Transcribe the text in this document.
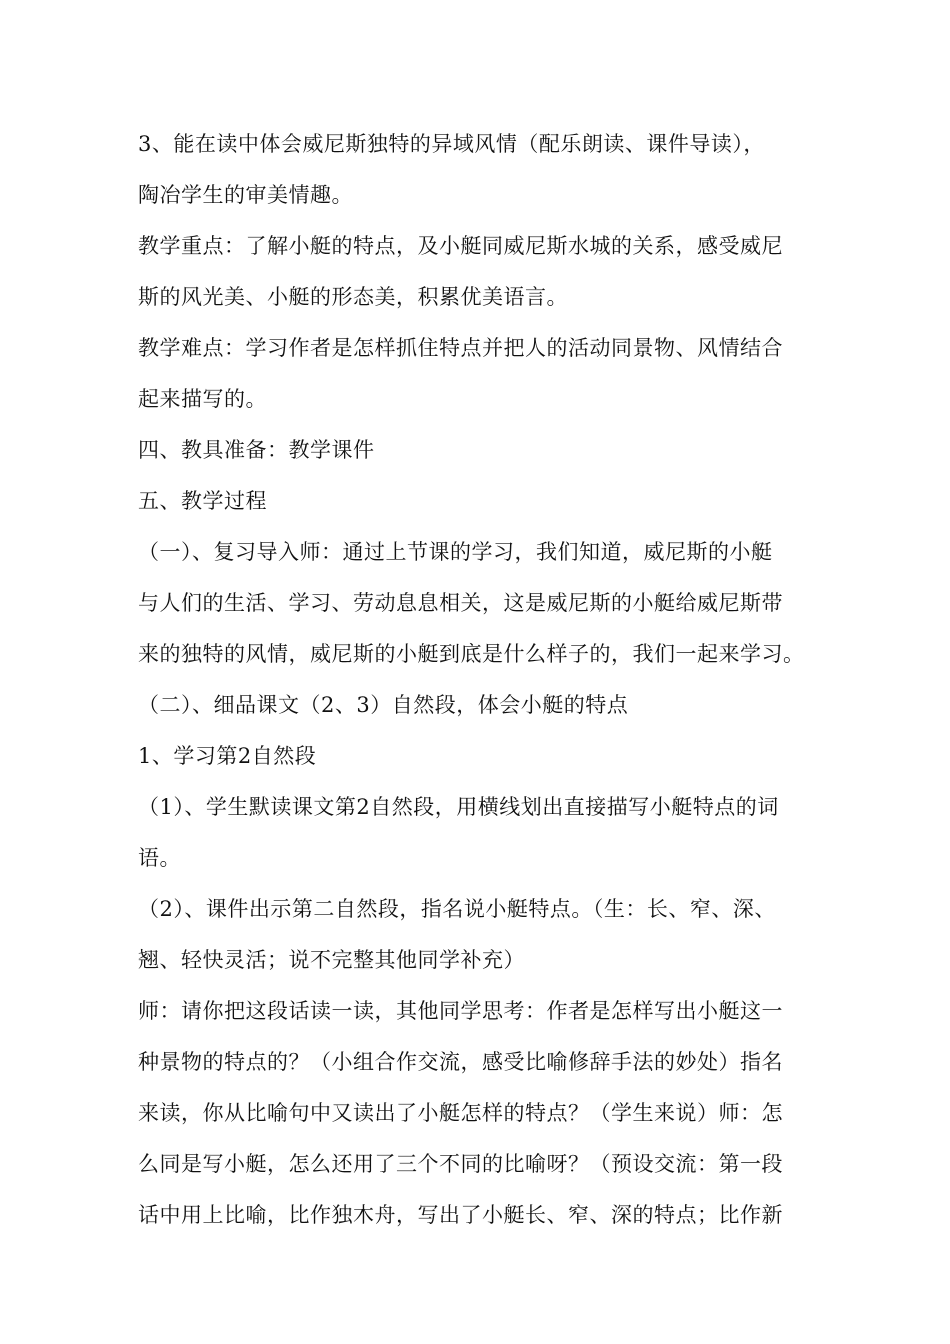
3、能在读中体会威尼斯独特的异域风情（配乐朗读、课件导读），
陶冶学生的审美情趣。
教学重点：了解小艇的特点，及小艇同威尼斯水城的关系，感受威尼
斯的风光美、小艇的形态美，积累优美语言。
教学难点：学习作者是怎样抓住特点并把人的活动同景物、风情结合
起来描写的。
四、教具准备：教学课件
五、教学过程
（一）、复习导入师：通过上节课的学习，我们知道，威尼斯的小艇
与人们的生活、学习、劳动息息相关，这是威尼斯的小艇给威尼斯带
来的独特的风情，威尼斯的小艇到底是什么样子的，我们一起来学习。
（二）、细品课文（2、3）自然段，体会小艇的特点
1、学习第2自然段
（1）、学生默读课文第2自然段，用横线划出直接描写小艇特点的词
语。
（2）、课件出示第二自然段，指名说小艇特点。（生：长、窄、深、
翘、轻快灵活；说不完整其他同学补充）
师：请你把这段话读一读，其他同学思考：作者是怎样写出小艇这一
种景物的特点的？（小组合作交流，感受比喻修辞手法的妙处）指名
来读，你从比喻句中又读出了小艇怎样的特点？（学生来说）师：怎
么同是写小艇，怎么还用了三个不同的比喻呀？（预设交流：第一段
话中用上比喻，比作独木舟，写出了小艇长、窄、深的特点；比作新
